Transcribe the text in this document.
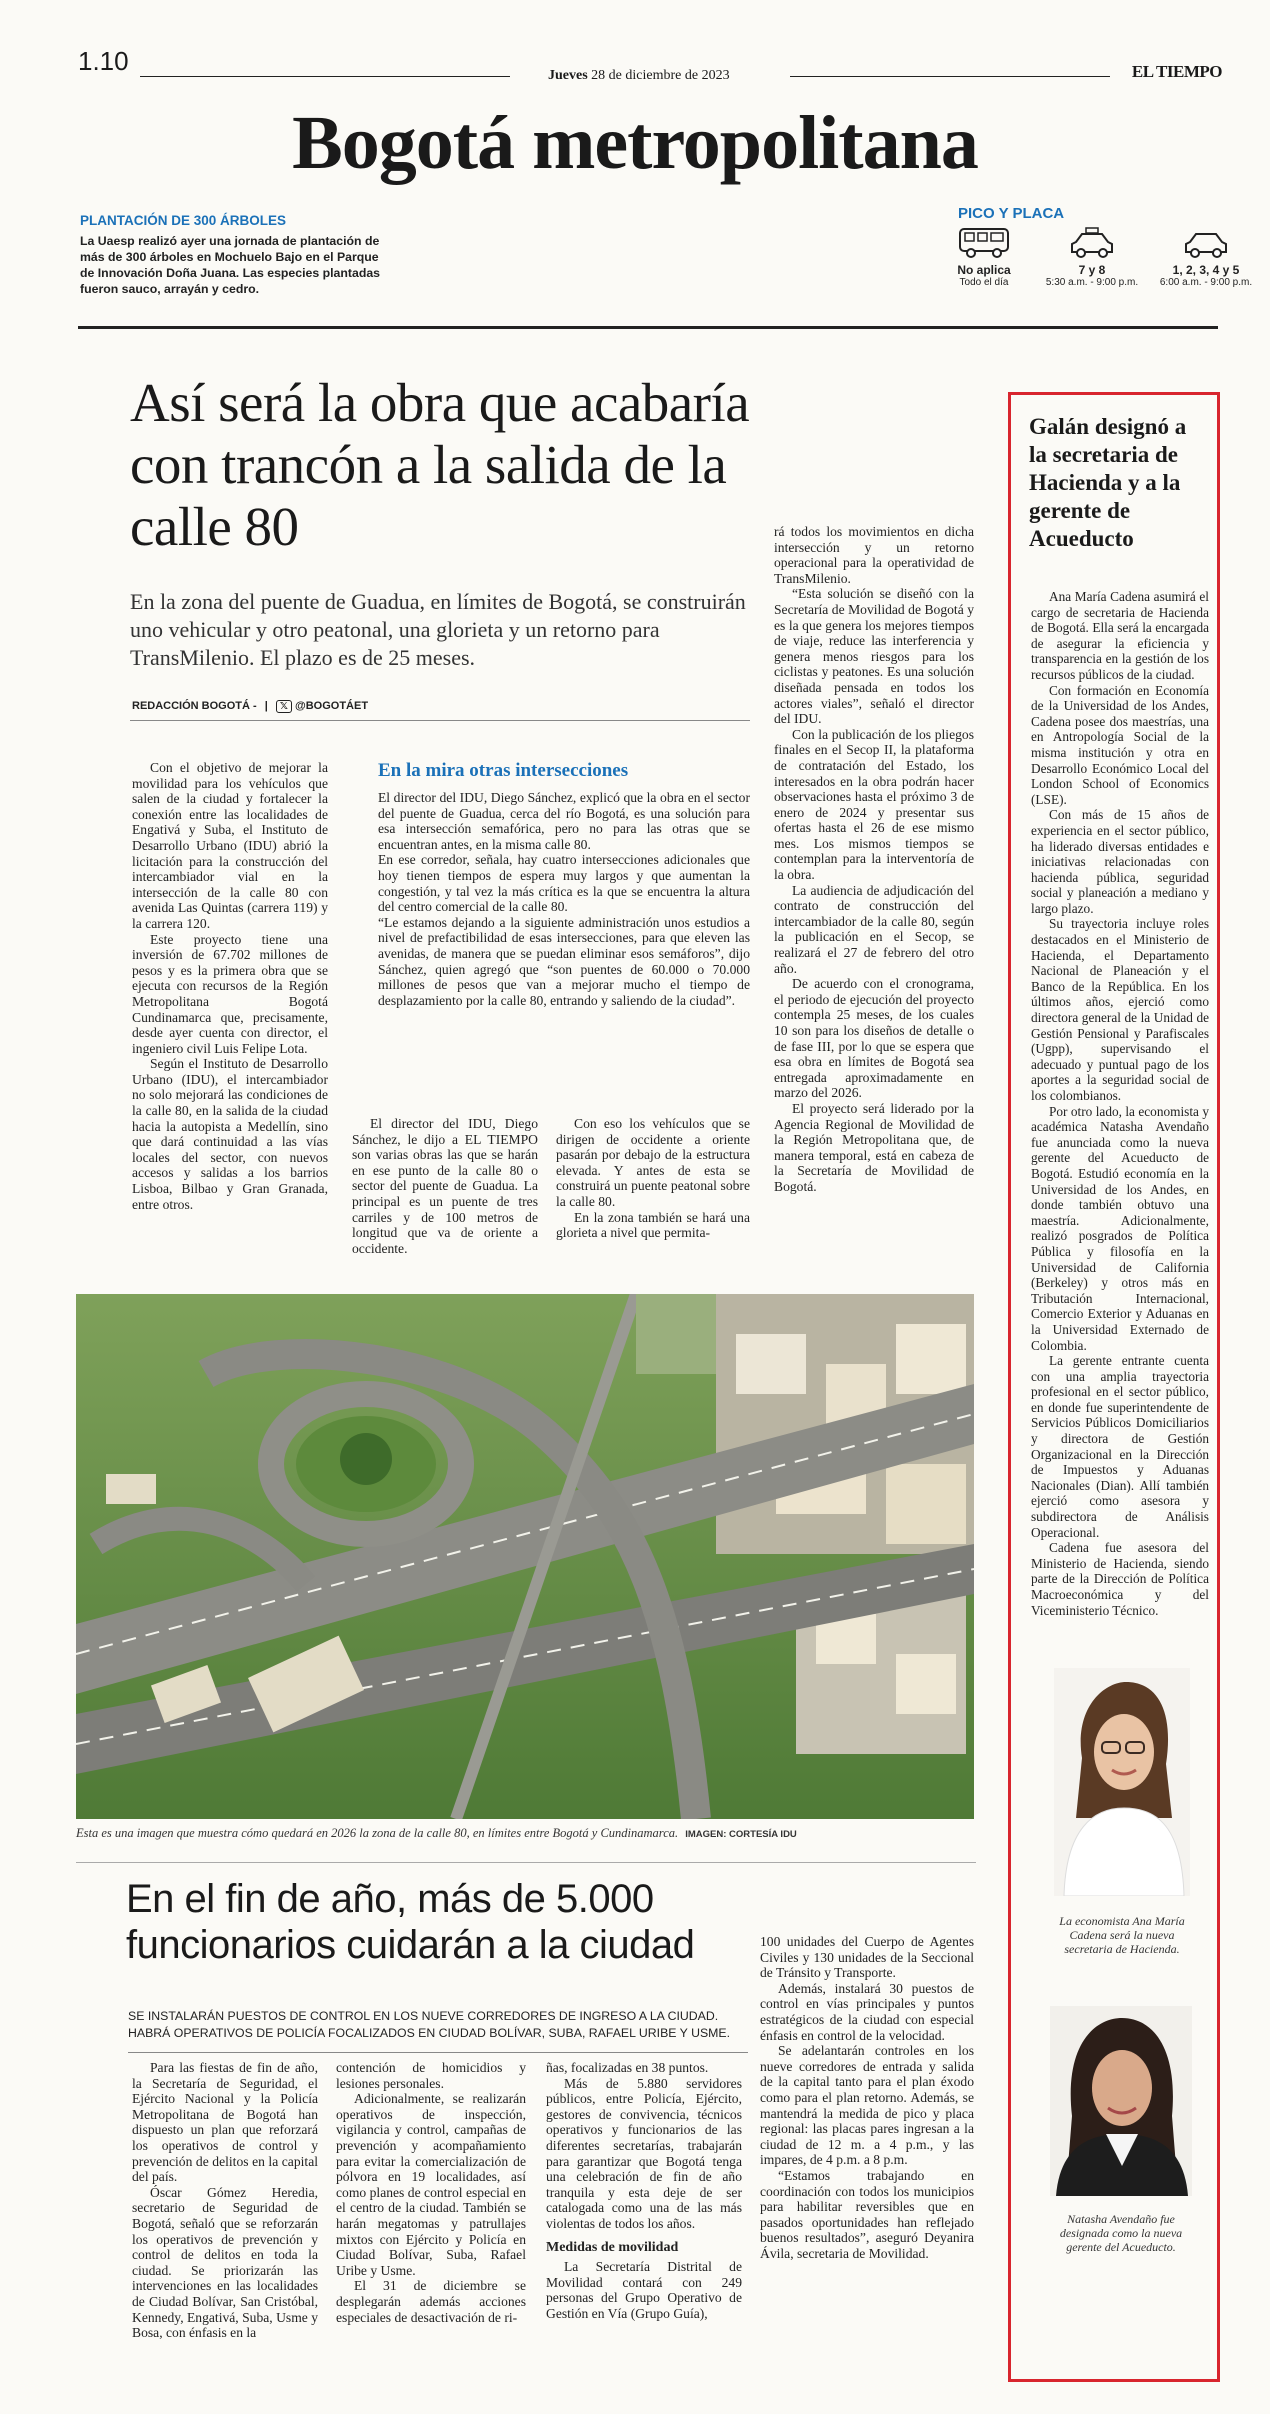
1.10	Jueves 28 de diciembre de 2023	EL TIEMPO
Bogotá metropolitana
PLANTACIÓN DE 300 ÁRBOLES
La Uaesp realizó ayer una jornada de plantación de más de 300 árboles en Mochuelo Bajo en el Parque de Innovación Doña Juana. Las especies plantadas fueron sauco, arrayán y cedro.
PICO Y PLACA
No aplica
Todo el día
7 y 8
5:30 a.m. - 9:00 p.m.
1, 2, 3, 4 y 5
6:00 a.m. - 9:00 p.m.
Así será la obra que acabaría con trancón a la salida de la calle 80
En la zona del puente de Guadua, en límites de Bogotá, se construirán uno vehicular y otro peatonal, una glorieta y un retorno para TransMilenio. El plazo es de 25 meses.
REDACCIÓN BOGOTÁ - | 𝕏 @BOGOTÁET

Con el objetivo de mejorar la movilidad para los vehículos que salen de la ciudad y fortalecer la conexión entre las localidades de Engativá y Suba, el Instituto de Desarrollo Urbano (IDU) abrió la licitación para la construcción del intercambiador vial en la intersección de la calle 80 con avenida Las Quintas (carrera 119) y la carrera 120.

Este proyecto tiene una inversión de 67.702 millones de pesos y es la primera obra que se ejecuta con recursos de la Región Metropolitana Bogotá Cundinamarca que, precisamente, desde ayer cuenta con director, el ingeniero civil Luis Felipe Lota.

Según el Instituto de Desarrollo Urbano (IDU), el intercambiador no solo mejorará las condiciones de la calle 80, en la salida de la ciudad hacia la autopista a Medellín, sino que dará continuidad a las vías locales del sector, con nuevos accesos y salidas a los barrios Lisboa, Bilbao y Gran Granada, entre otros.

En la mira otras intersecciones

El director del IDU, Diego Sánchez, explicó que la obra en el sector del puente de Guadua, cerca del río Bogotá, es una solución para esa intersección semafórica, pero no para las otras que se encuentran antes, en la misma calle 80.

En ese corredor, señala, hay cuatro intersecciones adicionales que hoy tienen tiempos de espera muy largos y que aumentan la congestión, y tal vez la más crítica es la que se encuentra la altura del centro comercial de la calle 80.

“Le estamos dejando a la siguiente administración unos estudios a nivel de prefactibilidad de esas intersecciones, para que eleven las avenidas, de manera que se puedan eliminar esos semáforos”, dijo Sánchez, quien agregó que “son puentes de 60.000 o 70.000 millones de pesos que van a mejorar mucho el tiempo de desplazamiento por la calle 80, entrando y saliendo de la ciudad”.

El director del IDU, Diego Sánchez, le dijo a EL TIEMPO son varias obras las que se harán en ese punto de la calle 80 o sector del puente de Guadua. La principal es un puente de tres carriles y de 100 metros de longitud que va de oriente a occidente.

Con eso los vehículos que se dirigen de occidente a oriente pasarán por debajo de la estructura elevada. Y antes de esta se construirá un puente peatonal sobre la calle 80.

En la zona también se hará una glorieta a nivel que permita-

rá todos los movimientos en dicha intersección y un retorno operacional para la operatividad de TransMilenio.

“Esta solución se diseñó con la Secretaría de Movilidad de Bogotá y es la que genera los mejores tiempos de viaje, reduce las interferencia y genera menos riesgos para los ciclistas y peatones. Es una solución diseñada pensada en todos los actores viales”, señaló el director del IDU.

Con la publicación de los pliegos finales en el Secop II, la plataforma de contratación del Estado, los interesados en la obra podrán hacer observaciones hasta el próximo 3 de enero de 2024 y presentar sus ofertas hasta el 26 de ese mismo mes. Los mismos tiempos se contemplan para la interventoría de la obra.

La audiencia de adjudicación del contrato de construcción del intercambiador de la calle 80, según la publicación en el Secop, se realizará el 27 de febrero del otro año.

De acuerdo con el cronograma, el periodo de ejecución del proyecto contempla 25 meses, de los cuales 10 son para los diseños de detalle o de fase III, por lo que se espera que esa obra en límites de Bogotá sea entregada aproximadamente en marzo del 2026.

El proyecto será liderado por la Agencia Regional de Movilidad de la Región Metropolitana que, de manera temporal, está en cabeza de la Secretaría de Movilidad de Bogotá.

Esta es una imagen que muestra cómo quedará en 2026 la zona de la calle 80, en límites entre Bogotá y Cundinamarca. IMAGEN: CORTESÍA IDU
En el fin de año, más de 5.000 funcionarios cuidarán a la ciudad
SE INSTALARÁN PUESTOS DE CONTROL EN LOS NUEVE CORREDORES DE INGRESO A LA CIUDAD. HABRÁ OPERATIVOS DE POLICÍA FOCALIZADOS EN CIUDAD BOLÍVAR, SUBA, RAFAEL URIBE Y USME.

Para las fiestas de fin de año, la Secretaría de Seguridad, el Ejército Nacional y la Policía Metropolitana de Bogotá han dispuesto un plan que reforzará los operativos de control y prevención de delitos en la capital del país.

Óscar Gómez Heredia, secretario de Seguridad de Bogotá, señaló que se reforzarán los operativos de prevención y control de delitos en toda la ciudad. Se priorizarán las intervenciones en las localidades de Ciudad Bolívar, San Cristóbal, Kennedy, Engativá, Suba, Usme y Bosa, con énfasis en la

contención de homicidios y lesiones personales.

Adicionalmente, se realizarán operativos de inspección, vigilancia y control, campañas de prevención y acompañamiento para evitar la comercialización de pólvora en 19 localidades, así como planes de control especial en el centro de la ciudad. También se harán megatomas y patrullajes mixtos con Ejército y Policía en Ciudad Bolívar, Suba, Rafael Uribe y Usme.

El 31 de diciembre se desplegarán además acciones especiales de desactivación de ri-

ñas, focalizadas en 38 puntos.

Más de 5.880 servidores públicos, entre Policía, Ejército, gestores de convivencia, técnicos operativos y funcionarios de las diferentes secretarías, trabajarán para garantizar que Bogotá tenga una celebración de fin de año tranquila y esta deje de ser catalogada como una de las más violentas de todos los años.

Medidas de movilidad

La Secretaría Distrital de Movilidad contará con 249 personas del Grupo Operativo de Gestión en Vía (Grupo Guía),

100 unidades del Cuerpo de Agentes Civiles y 130 unidades de la Seccional de Tránsito y Transporte.

Además, instalará 30 puestos de control en vías principales y puntos estratégicos de la ciudad con especial énfasis en control de la velocidad.

Se adelantarán controles en los nueve corredores de entrada y salida de la capital tanto para el plan éxodo como para el plan retorno. Además, se mantendrá la medida de pico y placa regional: las placas pares ingresan a la ciudad de 12 m. a 4 p.m., y las impares, de 4 p.m. a 8 p.m.

“Estamos trabajando en coordinación con todos los municipios para habilitar reversibles que en pasados oportunidades han reflejado buenos resultados”, aseguró Deyanira Ávila, secretaria de Movilidad.

Galán designó a la secretaria de Hacienda y a la gerente de Acueducto

Ana María Cadena asumirá el cargo de secretaria de Hacienda de Bogotá. Ella será la encargada de asegurar la eficiencia y transparencia en la gestión de los recursos públicos de la ciudad.

Con formación en Economía de la Universidad de los Andes, Cadena posee dos maestrías, una en Antropología Social de la misma institución y otra en Desarrollo Económico Local del London School of Economics (LSE).

Con más de 15 años de experiencia en el sector público, ha liderado diversas entidades e iniciativas relacionadas con hacienda pública, seguridad social y planeación a mediano y largo plazo.

Su trayectoria incluye roles destacados en el Ministerio de Hacienda, el Departamento Nacional de Planeación y el Banco de la República. En los últimos años, ejerció como directora general de la Unidad de Gestión Pensional y Parafiscales (Ugpp), supervisando el adecuado y puntual pago de los aportes a la seguridad social de los colombianos.

Por otro lado, la economista y académica Natasha Avendaño fue anunciada como la nueva gerente del Acueducto de Bogotá. Estudió economía en la Universidad de los Andes, en donde también obtuvo una maestría. Adicionalmente, realizó posgrados de Política Pública y filosofía en la Universidad de California (Berkeley) y otros más en Tributación Internacional, Comercio Exterior y Aduanas en la Universidad Externado de Colombia.

La gerente entrante cuenta con una amplia trayectoria profesional en el sector público, en donde fue superintendente de Servicios Públicos Domiciliarios y directora de Gestión Organizacional en la Dirección de Impuestos y Aduanas Nacionales (Dian). Allí también ejerció como asesora y subdirectora de Análisis Operacional.

Cadena fue asesora del Ministerio de Hacienda, siendo parte de la Dirección de Política Macroeconómica y del Viceministerio Técnico.

La economista Ana María Cadena será la nueva secretaria de Hacienda.
Natasha Avendaño fue designada como la nueva gerente del Acueducto.
